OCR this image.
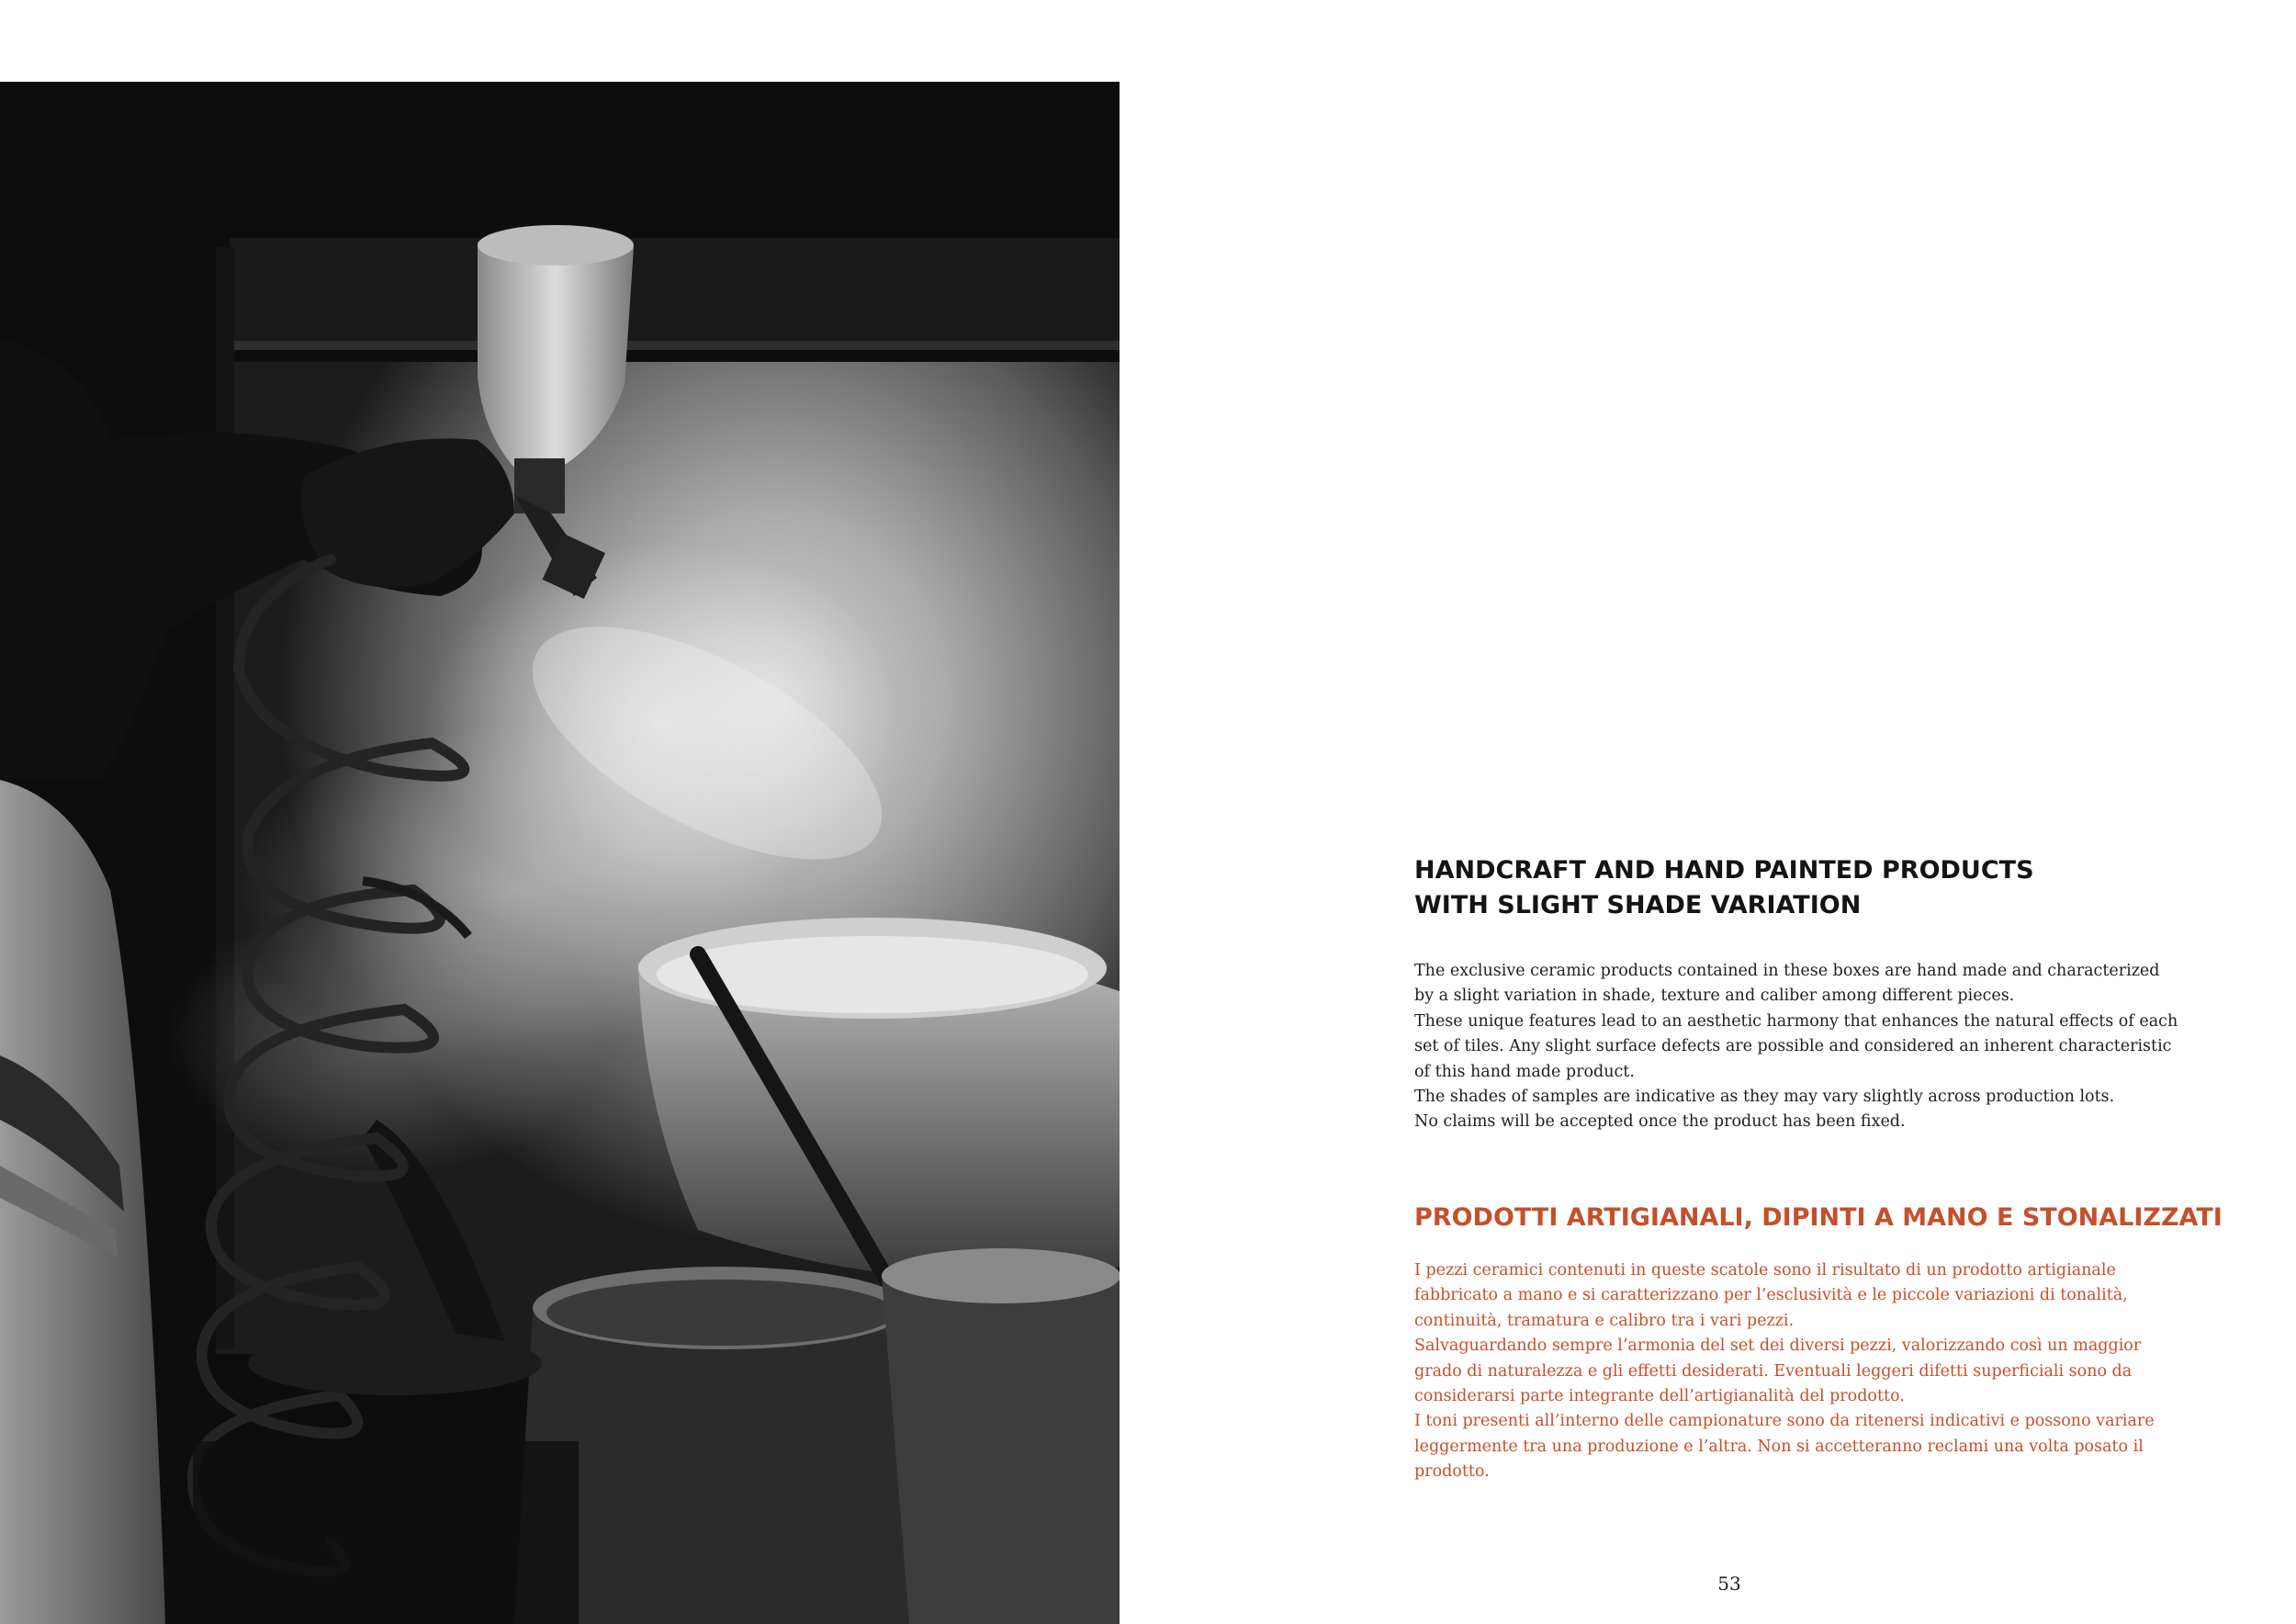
HANDCRAFT AND HAND PAINTED PRODUCTS
WITH SLIGHT SHADE VARIATION

The exclusive ceramic products contained in these boxes are hand made and characterized
by a slight variation in shade, texture and caliber among different pieces.
These unique features lead to an aesthetic harmony that enhances the natural effects of each
set of tiles. Any slight surface defects are possible and considered an inherent characteristic
of this hand made product.
The shades of samples are indicative as they may vary slightly across production lots.
No claims will be accepted once the product has been fixed.

PRODOTTI ARTIGIANALI, DIPINTI A MANO E STONALIZZATI

I pezzi ceramici contenuti in queste scatole sono il risultato di un prodotto artigianale
fabbricato a mano e si caratterizzano per l’esclusività e le piccole variazioni di tonalità,
continuità, tramatura e calibro tra i vari pezzi.
Salvaguardando sempre l’armonia del set dei diversi pezzi, valorizzando così un maggior
grado di naturalezza e gli effetti desiderati. Eventuali leggeri difetti superficiali sono da
considerarsi parte integrante dell’artigianalità del prodotto.
I toni presenti all’interno delle campionature sono da ritenersi indicativi e possono variare
leggermente tra una produzione e l’altra. Non si accetteranno reclami una volta posato il
prodotto.

53
